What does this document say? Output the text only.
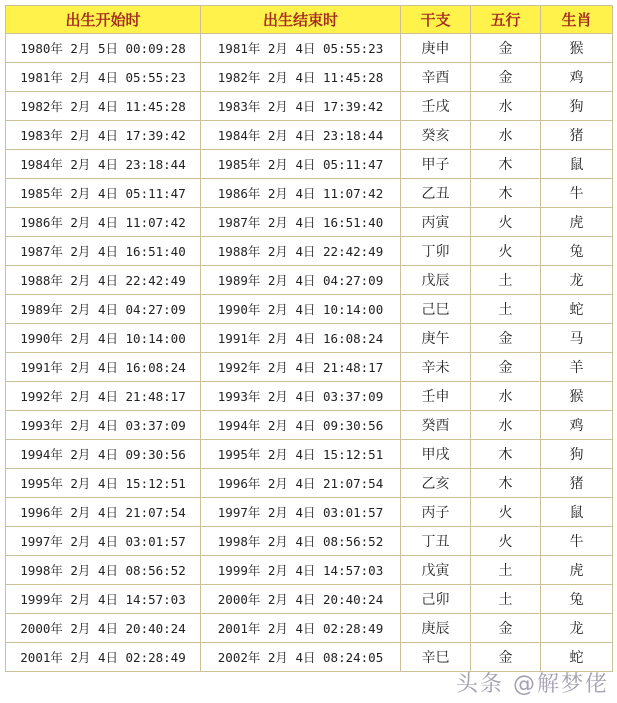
出生开始时	出生结束时	干支	五行	生肖
1980年 2月 5日 00:09:28	1981年 2月 4日 05:55:23	庚申	金	猴
1981年 2月 4日 05:55:23	1982年 2月 4日 11:45:28	辛酉	金	鸡
1982年 2月 4日 11:45:28	1983年 2月 4日 17:39:42	壬戌	水	狗
1983年 2月 4日 17:39:42	1984年 2月 4日 23:18:44	癸亥	水	猪
1984年 2月 4日 23:18:44	1985年 2月 4日 05:11:47	甲子	木	鼠
1985年 2月 4日 05:11:47	1986年 2月 4日 11:07:42	乙丑	木	牛
1986年 2月 4日 11:07:42	1987年 2月 4日 16:51:40	丙寅	火	虎
1987年 2月 4日 16:51:40	1988年 2月 4日 22:42:49	丁卯	火	兔
1988年 2月 4日 22:42:49	1989年 2月 4日 04:27:09	戊辰	土	龙
1989年 2月 4日 04:27:09	1990年 2月 4日 10:14:00	己巳	土	蛇
1990年 2月 4日 10:14:00	1991年 2月 4日 16:08:24	庚午	金	马
1991年 2月 4日 16:08:24	1992年 2月 4日 21:48:17	辛未	金	羊
1992年 2月 4日 21:48:17	1993年 2月 4日 03:37:09	壬申	水	猴
1993年 2月 4日 03:37:09	1994年 2月 4日 09:30:56	癸酉	水	鸡
1994年 2月 4日 09:30:56	1995年 2月 4日 15:12:51	甲戌	木	狗
1995年 2月 4日 15:12:51	1996年 2月 4日 21:07:54	乙亥	木	猪
1996年 2月 4日 21:07:54	1997年 2月 4日 03:01:57	丙子	火	鼠
1997年 2月 4日 03:01:57	1998年 2月 4日 08:56:52	丁丑	火	牛
1998年 2月 4日 08:56:52	1999年 2月 4日 14:57:03	戊寅	土	虎
1999年 2月 4日 14:57:03	2000年 2月 4日 20:40:24	己卯	土	兔
2000年 2月 4日 20:40:24	2001年 2月 4日 02:28:49	庚辰	金	龙
2001年 2月 4日 02:28:49	2002年 2月 4日 08:24:05	辛巳	金	蛇
头条 @解梦佬
